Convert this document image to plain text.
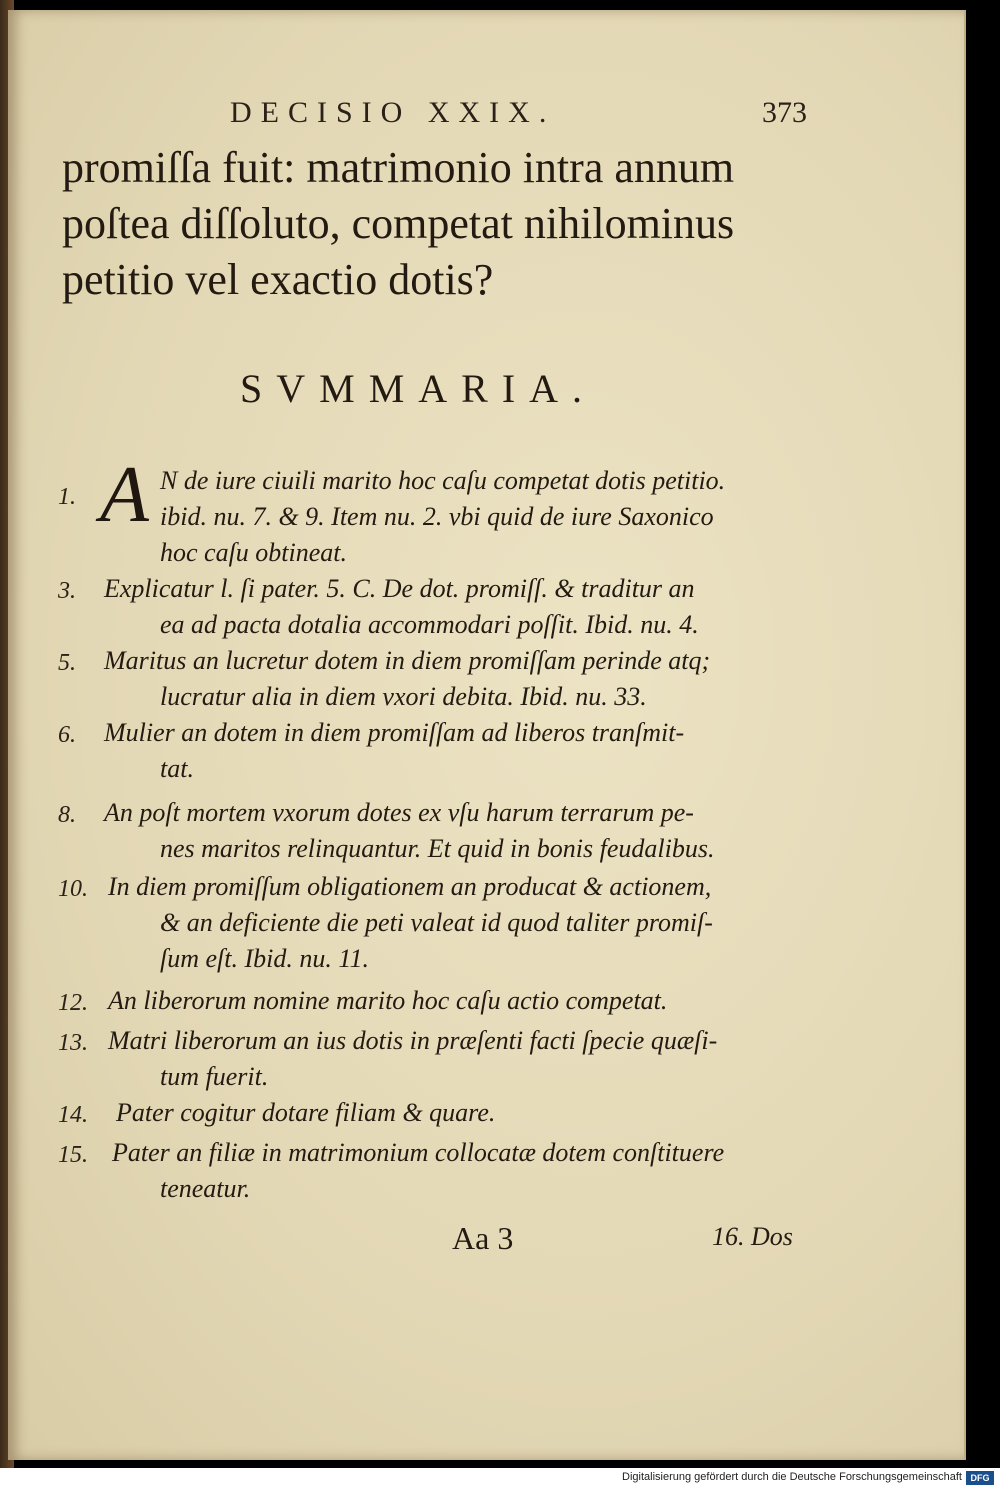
DECISIO XXIX.	373

promiſſa fuit: matrimonio intra annum
poſtea diſſoluto, competat nihilominus
petitio vel exactio dotis?

SVMMARIA.
A
1.
N de iure ciuili marito hoc caſu competat dotis petitio.
ibid. nu. 7. & 9. Item nu. 2. vbi quid de iure Saxonico
hoc caſu obtineat.
3.	Explicatur l. ſi pater. 5. C. De dot. promiſſ. & traditur an
ea ad pacta dotalia accommodari poſſit. Ibid. nu. 4.
5.	Maritus an lucretur dotem in diem promiſſam perinde atq;
lucratur alia in diem vxori debita. Ibid. nu. 33.
6.	Mulier an dotem in diem promiſſam ad liberos tranſmit-
tat.
8.	An poſt mortem vxorum dotes ex vſu harum terrarum pe-
nes maritos relinquantur. Et quid in bonis feudalibus.
10. In diem promiſſum obligationem an producat & actionem,
& an deficiente die peti valeat id quod taliter promiſ-
ſum eſt. Ibid. nu. 11.
12. An liberorum nomine marito hoc caſu actio competat.
13. Matri liberorum an ius dotis in præſenti facti ſpecie quæſi-
tum fuerit.
14.	Pater cogitur dotare filiam & quare.
15. Pater an filiæ in matrimonium collocatæ dotem conſtituere
teneatur.
Aa 3	16. Dos
Digitalisierung gefördert durch die Deutsche Forschungsgemeinschaft DFG
